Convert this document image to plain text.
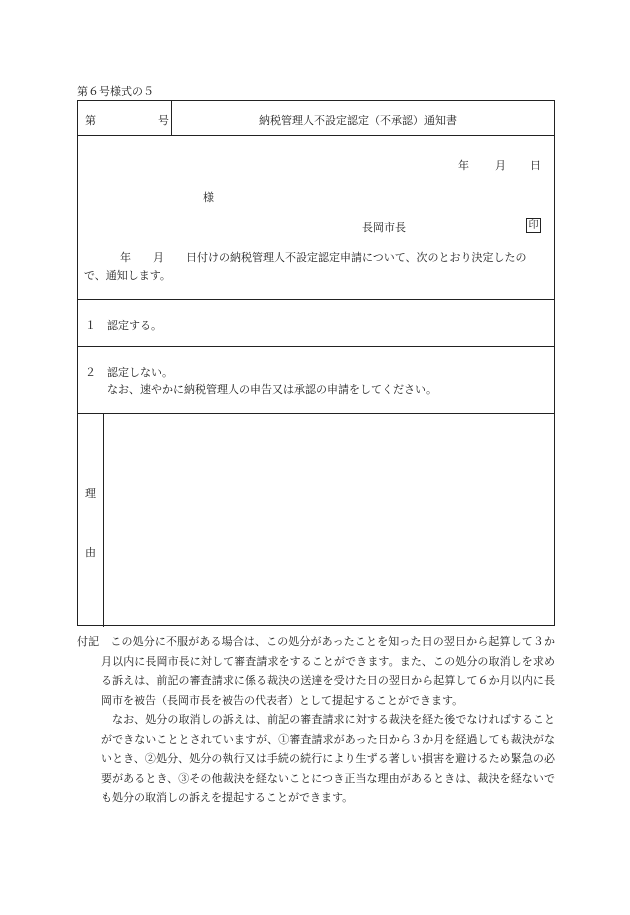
第６号様式の５
第	号	納税管理人不設定認定（不承認）通知書
年 月 日
様
長岡市長	印
年　　月　　日付けの納税管理人不設定認定申請について、次のとおり決定したの
で、通知します。
１　認定する。
２　認定しない。
なお、速やかに納税管理人の申告又は承認の申請をしてください。
理
由

付記　この処分に不服がある場合は、この処分があったことを知った日の翌日から起算して３か月以内に長岡市長に対して審査請求をすることができます。また、この処分の取消しを求める訴えは、前記の審査請求に係る裁決の送達を受けた日の翌日から起算して６か月以内に長岡市を被告（長岡市長を被告の代表者）として提起することができます。

なお、処分の取消しの訴えは、前記の審査請求に対する裁決を経た後でなければすることができないこととされていますが、①審査請求があった日から３か月を経過しても裁決がないとき、②処分、処分の執行又は手続の続行により生ずる著しい損害を避けるため緊急の必要があるとき、③その他裁決を経ないことにつき正当な理由があるときは、裁決を経ないでも処分の取消しの訴えを提起することができます。
